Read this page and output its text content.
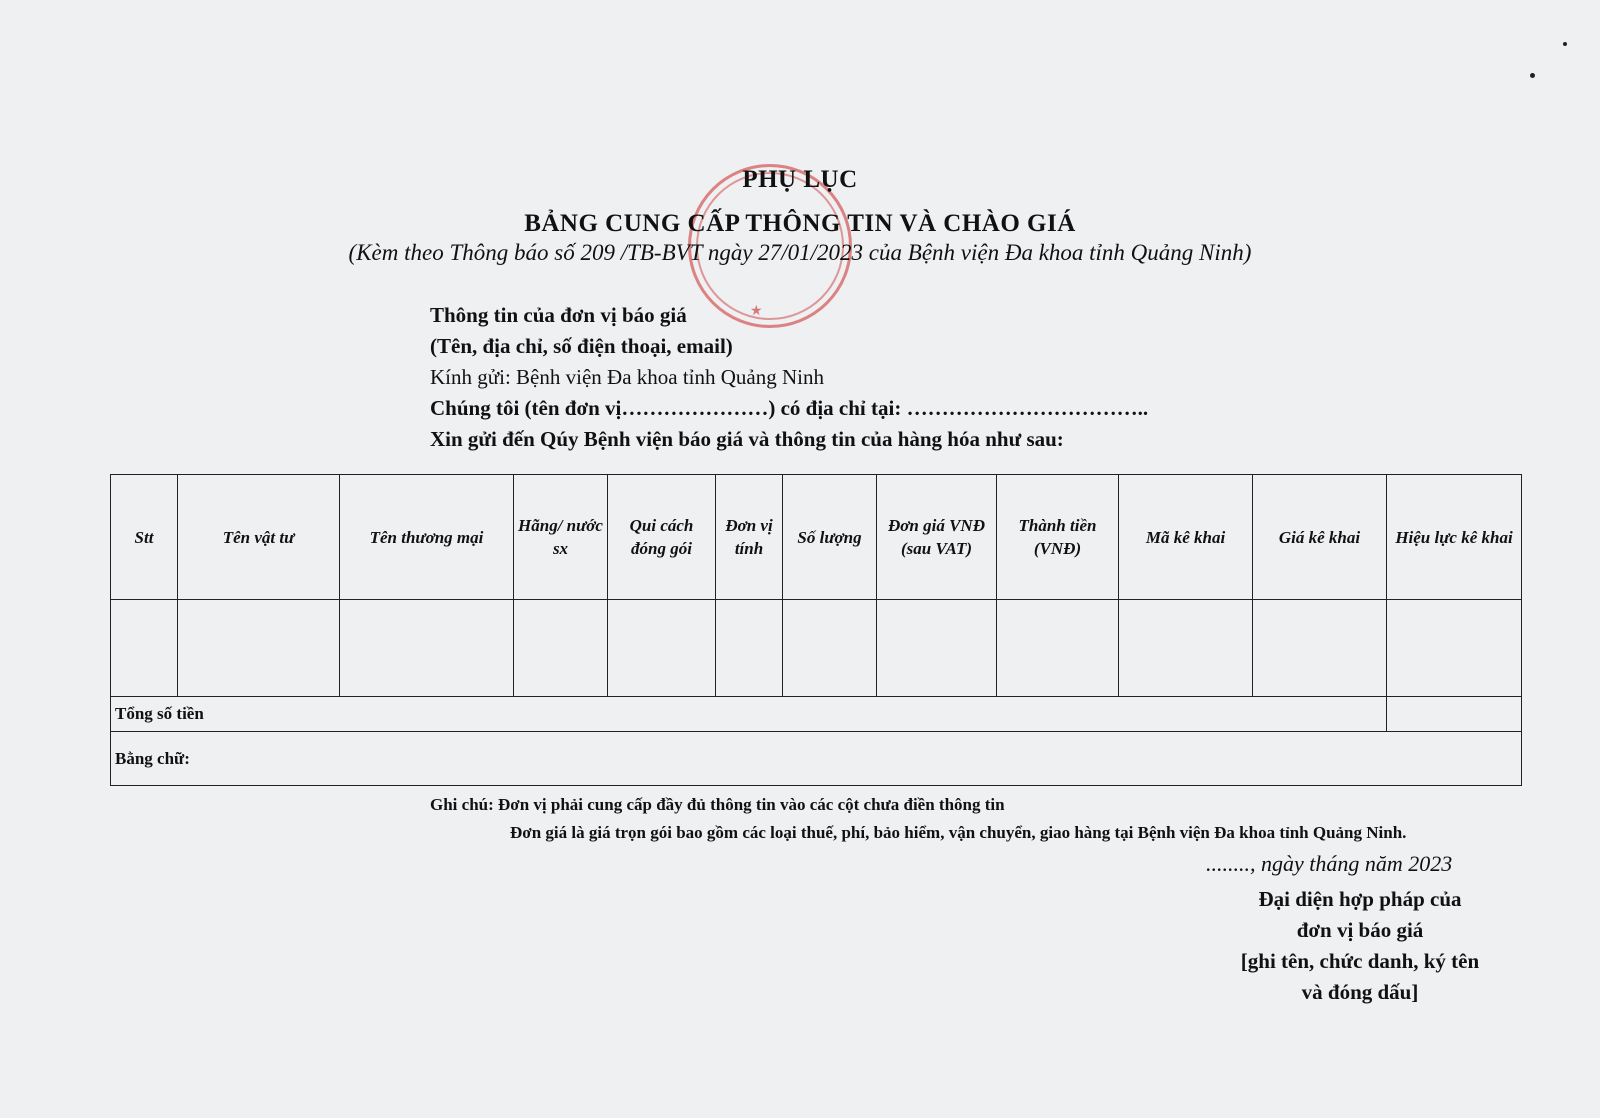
★
PHỤ LỤC
BẢNG CUNG CẤP THÔNG TIN VÀ CHÀO GIÁ
(Kèm theo Thông báo số 209 /TB-BVT ngày 27/01/2023 của Bệnh viện Đa khoa tỉnh Quảng Ninh)
Thông tin của đơn vị báo giá
(Tên, địa chỉ, số điện thoại, email)
Kính gửi: Bệnh viện Đa khoa tỉnh Quảng Ninh
Chúng tôi (tên đơn vị…………………) có địa chỉ tại: ……………………………..
Xin gửi đến Qúy Bệnh viện báo giá và thông tin của hàng hóa như sau:
Stt	Tên vật tư	Tên thương mại	Hãng/ nước sx	Qui cách đóng gói	Đơn vị tính	Số lượng	Đơn giá VNĐ (sau VAT)	Thành tiền (VNĐ)	Mã kê khai	Giá kê khai	Hiệu lực kê khai

Tổng số tiền											
Bằng chữ:											
Ghi chú: Đơn vị phải cung cấp đầy đủ thông tin vào các cột chưa điền thông tin
Đơn giá là giá trọn gói bao gồm các loại thuế, phí, bảo hiểm, vận chuyển, giao hàng tại Bệnh viện Đa khoa tỉnh Quảng Ninh.
........, ngày tháng năm 2023
Đại diện hợp pháp của
đơn vị báo giá
[ghi tên, chức danh, ký tên
và đóng dấu]
